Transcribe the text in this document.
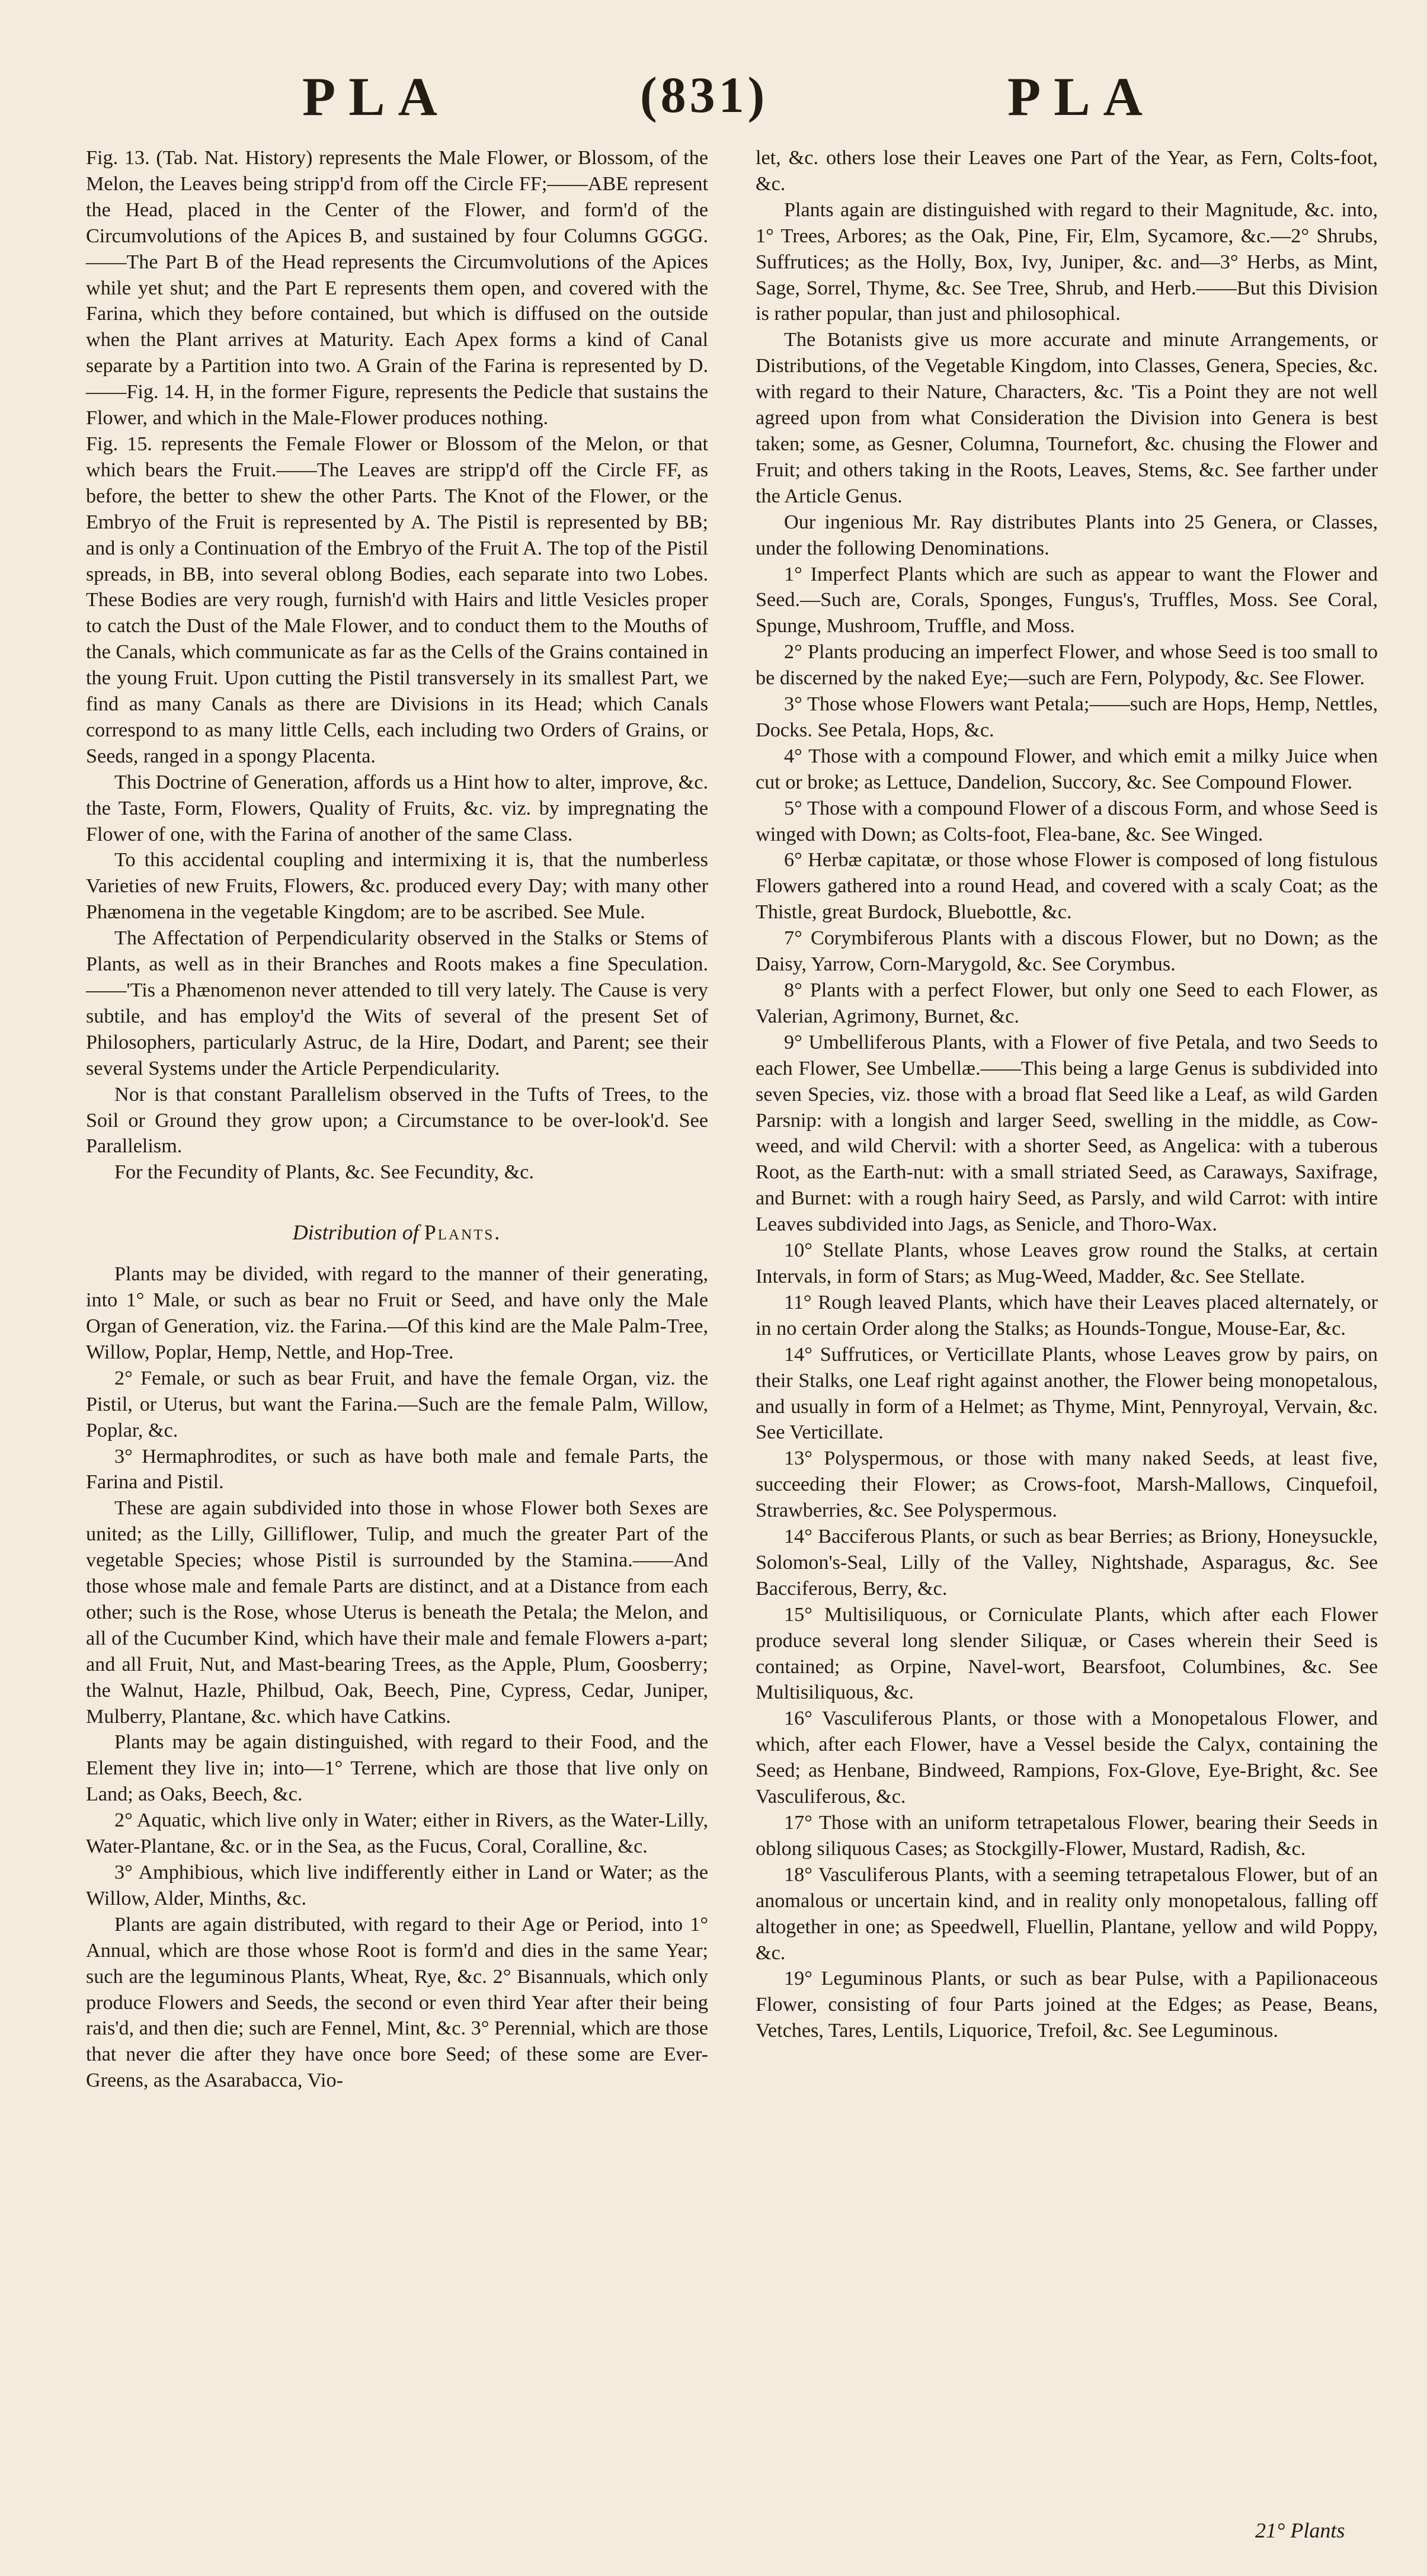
PLA	(831)	PLA

Fig. 13. (Tab. Nat. History) represents the Male Flower, or Blossom, of the Melon, the Leaves being stripp'd from off the Circle FF;——ABE represent the Head, placed in the Center of the Flower, and form'd of the Circumvolutions of the Apices B, and sustained by four Columns GGGG.——The Part B of the Head represents the Circumvolutions of the Apices while yet shut; and the Part E represents them open, and covered with the Farina, which they before contained, but which is diffused on the outside when the Plant arrives at Maturity. Each Apex forms a kind of Canal separate by a Partition into two. A Grain of the Farina is represented by D. ——Fig. 14. H, in the former Figure, represents the Pedicle that sustains the Flower, and which in the Male-Flower produces nothing.

Fig. 15. represents the Female Flower or Blossom of the Melon, or that which bears the Fruit.——The Leaves are stripp'd off the Circle FF, as before, the better to shew the other Parts. The Knot of the Flower, or the Embryo of the Fruit is represented by A. The Pistil is represented by BB; and is only a Continuation of the Embryo of the Fruit A. The top of the Pistil spreads, in BB, into several oblong Bodies, each separate into two Lobes. These Bodies are very rough, furnish'd with Hairs and little Vesicles proper to catch the Dust of the Male Flower, and to conduct them to the Mouths of the Canals, which communicate as far as the Cells of the Grains contained in the young Fruit. Upon cutting the Pistil transversely in its smallest Part, we find as many Canals as there are Divisions in its Head; which Canals correspond to as many little Cells, each including two Orders of Grains, or Seeds, ranged in a spongy Placenta.

This Doctrine of Generation, affords us a Hint how to alter, improve, &c. the Taste, Form, Flowers, Quality of Fruits, &c. viz. by impregnating the Flower of one, with the Farina of another of the same Class.

To this accidental coupling and intermixing it is, that the numberless Varieties of new Fruits, Flowers, &c. produced every Day; with many other Phænomena in the vegetable Kingdom; are to be ascribed. See Mule.

The Affectation of Perpendicularity observed in the Stalks or Stems of Plants, as well as in their Branches and Roots makes a fine Speculation.——'Tis a Phænomenon never attended to till very lately. The Cause is very subtile, and has employ'd the Wits of several of the present Set of Philosophers, particularly Astruc, de la Hire, Dodart, and Parent; see their several Systems under the Article Perpendicularity.

Nor is that constant Parallelism observed in the Tufts of Trees, to the Soil or Ground they grow upon; a Circumstance to be over-look'd. See Parallelism.

For the Fecundity of Plants, &c. See Fecundity, &c.

Distribution of Plants.

Plants may be divided, with regard to the manner of their generating, into 1° Male, or such as bear no Fruit or Seed, and have only the Male Organ of Generation, viz. the Farina.—Of this kind are the Male Palm-Tree, Willow, Poplar, Hemp, Nettle, and Hop-Tree.

2° Female, or such as bear Fruit, and have the female Organ, viz. the Pistil, or Uterus, but want the Farina.—Such are the female Palm, Willow, Poplar, &c.

3° Hermaphrodites, or such as have both male and female Parts, the Farina and Pistil.

These are again subdivided into those in whose Flower both Sexes are united; as the Lilly, Gilliflower, Tulip, and much the greater Part of the vegetable Species; whose Pistil is surrounded by the Stamina.——And those whose male and female Parts are distinct, and at a Distance from each other; such is the Rose, whose Uterus is beneath the Petala; the Melon, and all of the Cucumber Kind, which have their male and female Flowers a-part; and all Fruit, Nut, and Mast-bearing Trees, as the Apple, Plum, Goosberry; the Walnut, Hazle, Philbud, Oak, Beech, Pine, Cypress, Cedar, Juniper, Mulberry, Plantane, &c. which have Catkins.

Plants may be again distinguished, with regard to their Food, and the Element they live in; into—1° Terrene, which are those that live only on Land; as Oaks, Beech, &c.

2° Aquatic, which live only in Water; either in Rivers, as the Water-Lilly, Water-Plantane, &c. or in the Sea, as the Fucus, Coral, Coralline, &c.

3° Amphibious, which live indifferently either in Land or Water; as the Willow, Alder, Minths, &c.

Plants are again distributed, with regard to their Age or Period, into 1° Annual, which are those whose Root is form'd and dies in the same Year; such are the leguminous Plants, Wheat, Rye, &c. 2° Bisannuals, which only produce Flowers and Seeds, the second or even third Year after their being rais'd, and then die; such are Fennel, Mint, &c. 3° Perennial, which are those that never die after they have once bore Seed; of these some are Ever-Greens, as the Asarabacca, Vio-

let, &c. others lose their Leaves one Part of the Year, as Fern, Colts-foot, &c.

Plants again are distinguished with regard to their Magnitude, &c. into, 1° Trees, Arbores; as the Oak, Pine, Fir, Elm, Sycamore, &c.—2° Shrubs, Suffrutices; as the Holly, Box, Ivy, Juniper, &c. and—3° Herbs, as Mint, Sage, Sorrel, Thyme, &c. See Tree, Shrub, and Herb.——But this Division is rather popular, than just and philosophical.

The Botanists give us more accurate and minute Arrangements, or Distributions, of the Vegetable Kingdom, into Classes, Genera, Species, &c. with regard to their Nature, Characters, &c. 'Tis a Point they are not well agreed upon from what Consideration the Division into Genera is best taken; some, as Gesner, Columna, Tournefort, &c. chusing the Flower and Fruit; and others taking in the Roots, Leaves, Stems, &c. See farther under the Article Genus.

Our ingenious Mr. Ray distributes Plants into 25 Genera, or Classes, under the following Denominations.

1° Imperfect Plants which are such as appear to want the Flower and Seed.—Such are, Corals, Sponges, Fungus's, Truffles, Moss. See Coral, Spunge, Mushroom, Truffle, and Moss.

2° Plants producing an imperfect Flower, and whose Seed is too small to be discerned by the naked Eye;—such are Fern, Polypody, &c. See Flower.

3° Those whose Flowers want Petala;——such are Hops, Hemp, Nettles, Docks. See Petala, Hops, &c.

4° Those with a compound Flower, and which emit a milky Juice when cut or broke; as Lettuce, Dandelion, Succory, &c. See Compound Flower.

5° Those with a compound Flower of a discous Form, and whose Seed is winged with Down; as Colts-foot, Flea-bane, &c. See Winged.

6° Herbæ capitatæ, or those whose Flower is composed of long fistulous Flowers gathered into a round Head, and covered with a scaly Coat; as the Thistle, great Burdock, Bluebottle, &c.

7° Corymbiferous Plants with a discous Flower, but no Down; as the Daisy, Yarrow, Corn-Marygold, &c. See Corymbus.

8° Plants with a perfect Flower, but only one Seed to each Flower, as Valerian, Agrimony, Burnet, &c.

9° Umbelliferous Plants, with a Flower of five Petala, and two Seeds to each Flower, See Umbellæ.——This being a large Genus is subdivided into seven Species, viz. those with a broad flat Seed like a Leaf, as wild Garden Parsnip: with a longish and larger Seed, swelling in the middle, as Cow-weed, and wild Chervil: with a shorter Seed, as Angelica: with a tuberous Root, as the Earth-nut: with a small striated Seed, as Caraways, Saxifrage, and Burnet: with a rough hairy Seed, as Parsly, and wild Carrot: with intire Leaves subdivided into Jags, as Senicle, and Thoro-Wax.

10° Stellate Plants, whose Leaves grow round the Stalks, at certain Intervals, in form of Stars; as Mug-Weed, Madder, &c. See Stellate.

11° Rough leaved Plants, which have their Leaves placed alternately, or in no certain Order along the Stalks; as Hounds-Tongue, Mouse-Ear, &c.

14° Suffrutices, or Verticillate Plants, whose Leaves grow by pairs, on their Stalks, one Leaf right against another, the Flower being monopetalous, and usually in form of a Helmet; as Thyme, Mint, Pennyroyal, Vervain, &c. See Verticillate.

13° Polyspermous, or those with many naked Seeds, at least five, succeeding their Flower; as Crows-foot, Marsh-Mallows, Cinquefoil, Strawberries, &c. See Polyspermous.

14° Bacciferous Plants, or such as bear Berries; as Briony, Honeysuckle, Solomon's-Seal, Lilly of the Valley, Nightshade, Asparagus, &c. See Bacciferous, Berry, &c.

15° Multisiliquous, or Corniculate Plants, which after each Flower produce several long slender Siliquæ, or Cases wherein their Seed is contained; as Orpine, Navel-wort, Bearsfoot, Columbines, &c. See Multisiliquous, &c.

16° Vasculiferous Plants, or those with a Monopetalous Flower, and which, after each Flower, have a Vessel beside the Calyx, containing the Seed; as Henbane, Bindweed, Rampions, Fox-Glove, Eye-Bright, &c. See Vasculiferous, &c.

17° Those with an uniform tetrapetalous Flower, bearing their Seeds in oblong siliquous Cases; as Stockgilly-Flower, Mustard, Radish, &c.

18° Vasculiferous Plants, with a seeming tetrapetalous Flower, but of an anomalous or uncertain kind, and in reality only monopetalous, falling off altogether in one; as Speedwell, Fluellin, Plantane, yellow and wild Poppy, &c.

19° Leguminous Plants, or such as bear Pulse, with a Papilionaceous Flower, consisting of four Parts joined at the Edges; as Pease, Beans, Vetches, Tares, Lentils, Liquorice, Trefoil, &c. See Leguminous.

21° Plants
